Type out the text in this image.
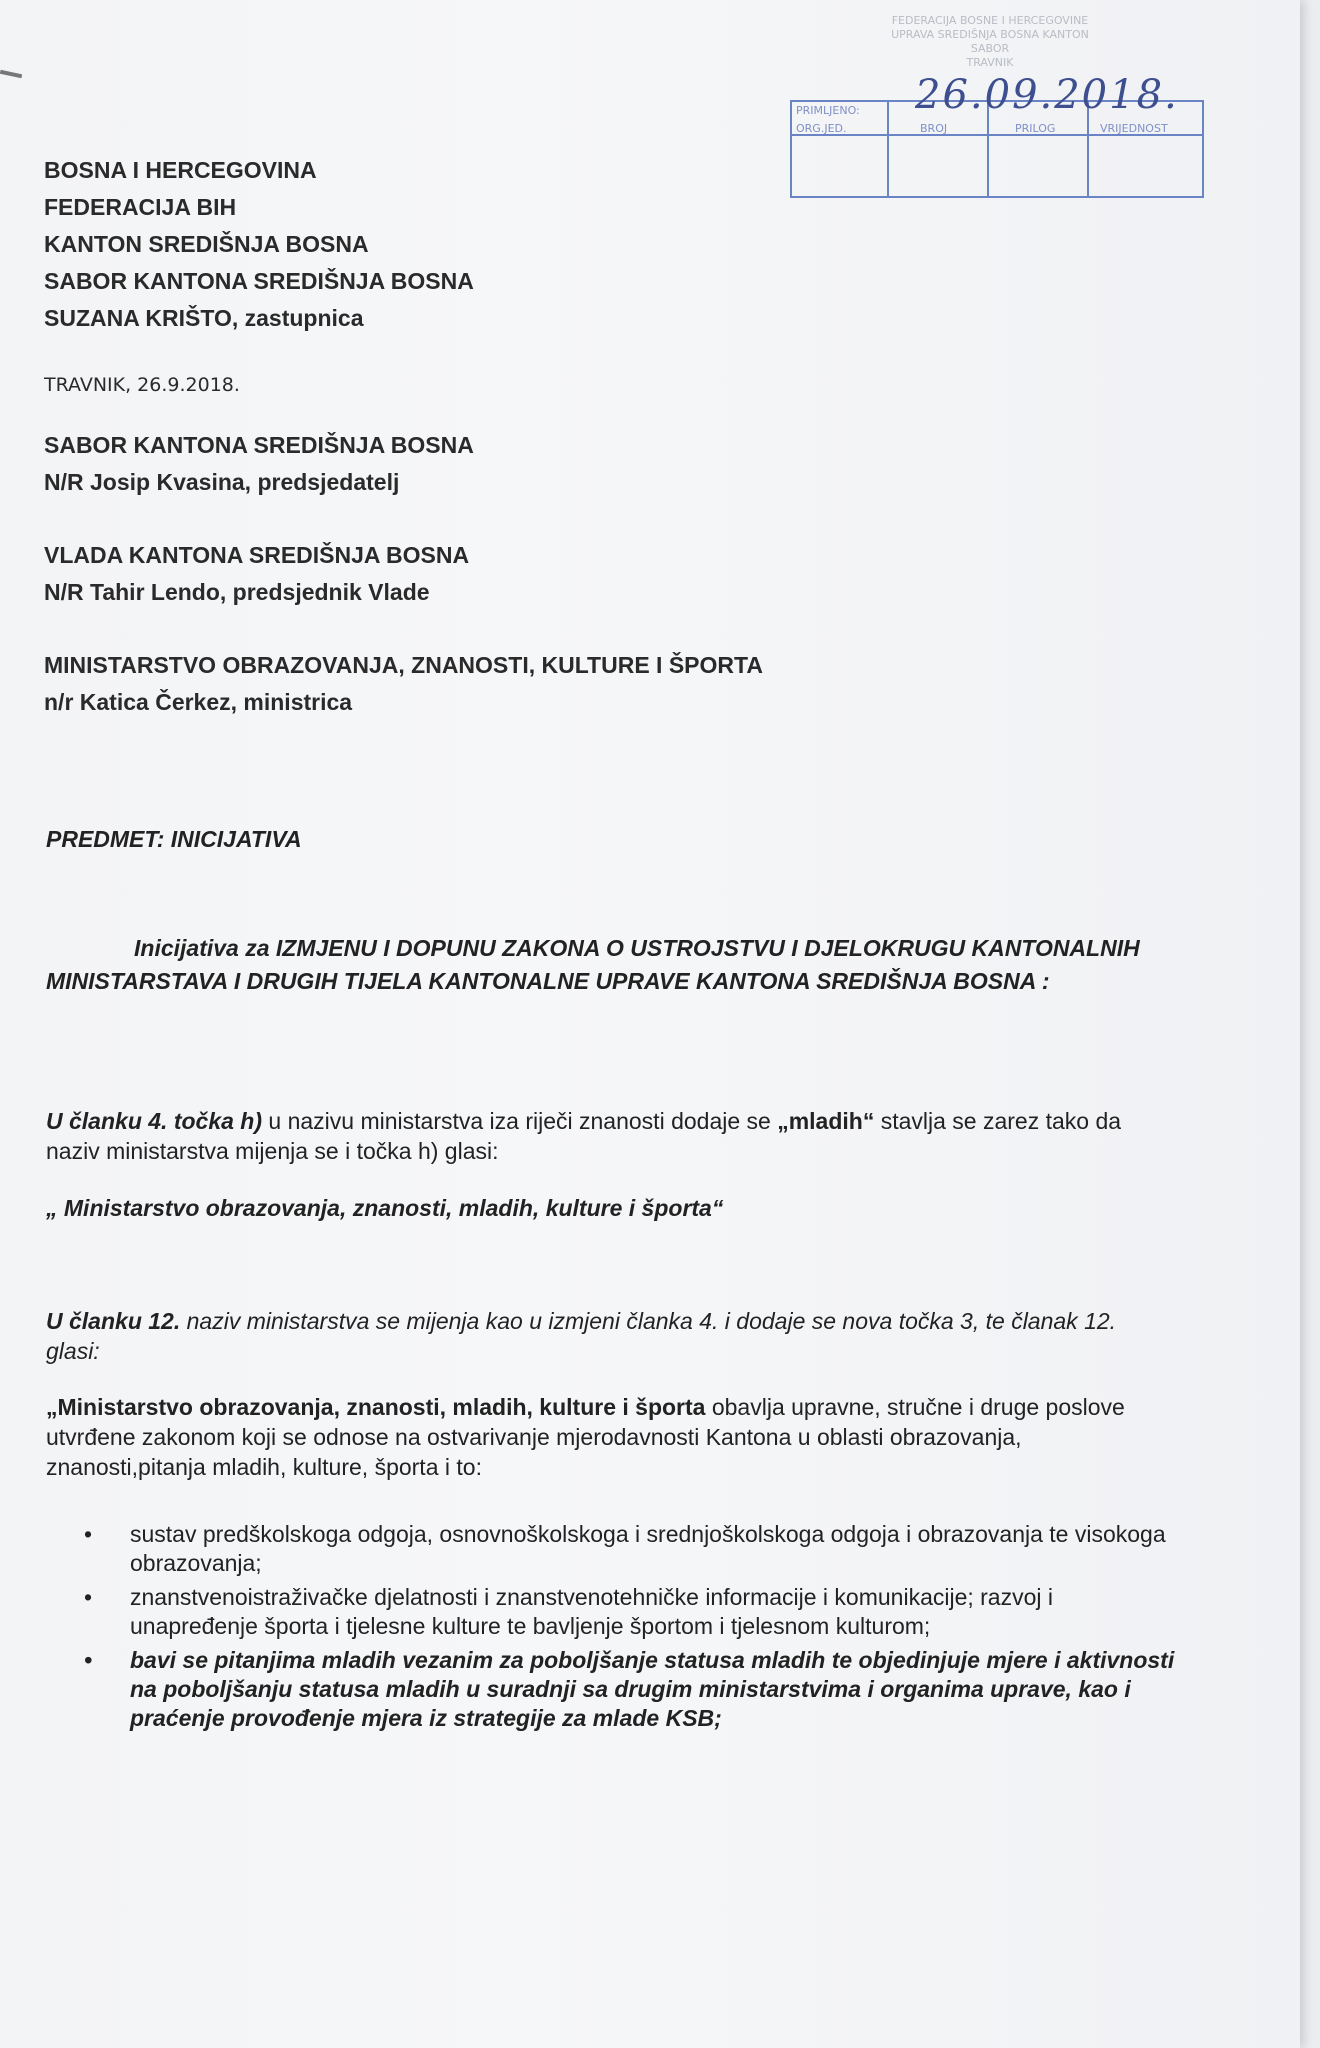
FEDERACIJA BOSNE I HERCEGOVINE
UPRAVA SREDIŠNJA BOSNA KANTON
SABOR
TRAVNIK
PRIMLJENO:
ORG.JED.	BROJ	PRILOG	VRIJEDNOST
26.09.2018.
BOSNA I HERCEGOVINA
FEDERACIJA BIH
KANTON SREDIŠNJA BOSNA
SABOR KANTONA SREDIŠNJA BOSNA
SUZANA KRIŠTO, zastupnica
TRAVNIK, 26.9.2018.
SABOR KANTONA SREDIŠNJA BOSNA
N/R Josip Kvasina, predsjedatelj
VLADA KANTONA SREDIŠNJA BOSNA
N/R Tahir Lendo, predsjednik Vlade
MINISTARSTVO OBRAZOVANJA, ZNANOSTI, KULTURE I ŠPORTA
n/r Katica Čerkez, ministrica
PREDMET: INICIJATIVA
Inicijativa za IZMJENU I DOPUNU ZAKONA O USTROJSTVU I DJELOKRUGU KANTONALNIH MINISTARSTAVA I DRUGIH TIJELA KANTONALNE UPRAVE KANTONA SREDIŠNJA BOSNA :
U članku 4. točka h) u nazivu ministarstva iza riječi znanosti dodaje se „mladih“ stavlja se zarez tako da naziv ministarstva mijenja se i točka h) glasi:
„ Ministarstvo obrazovanja, znanosti, mladih, kulture i športa“
U članku 12. naziv ministarstva se mijenja kao u izmjeni članka 4. i dodaje se nova točka 3, te članak 12. glasi:
„Ministarstvo obrazovanja, znanosti, mladih, kulture i športa obavlja upravne, stručne i druge poslove utvrđene zakonom koji se odnose na ostvarivanje mjerodavnosti Kantona u oblasti obrazovanja, znanosti,pitanja mladih, kulture, športa i to:
• sustav predškolskoga odgoja, osnovnoškolskoga i srednjoškolskoga odgoja i obrazovanja te visokoga obrazovanja;
• znanstvenoistraživačke djelatnosti i znanstvenotehničke informacije i komunikacije; razvoj i unapređenje športa i tjelesne kulture te bavljenje športom i tjelesnom kulturom;
• bavi se pitanjima mladih vezanim za poboljšanje statusa mladih te objedinjuje mjere i aktivnosti na poboljšanju statusa mladih u suradnji sa drugim ministarstvima i organima uprave, kao i praćenje provođenje mjera iz strategije za mlade KSB;
